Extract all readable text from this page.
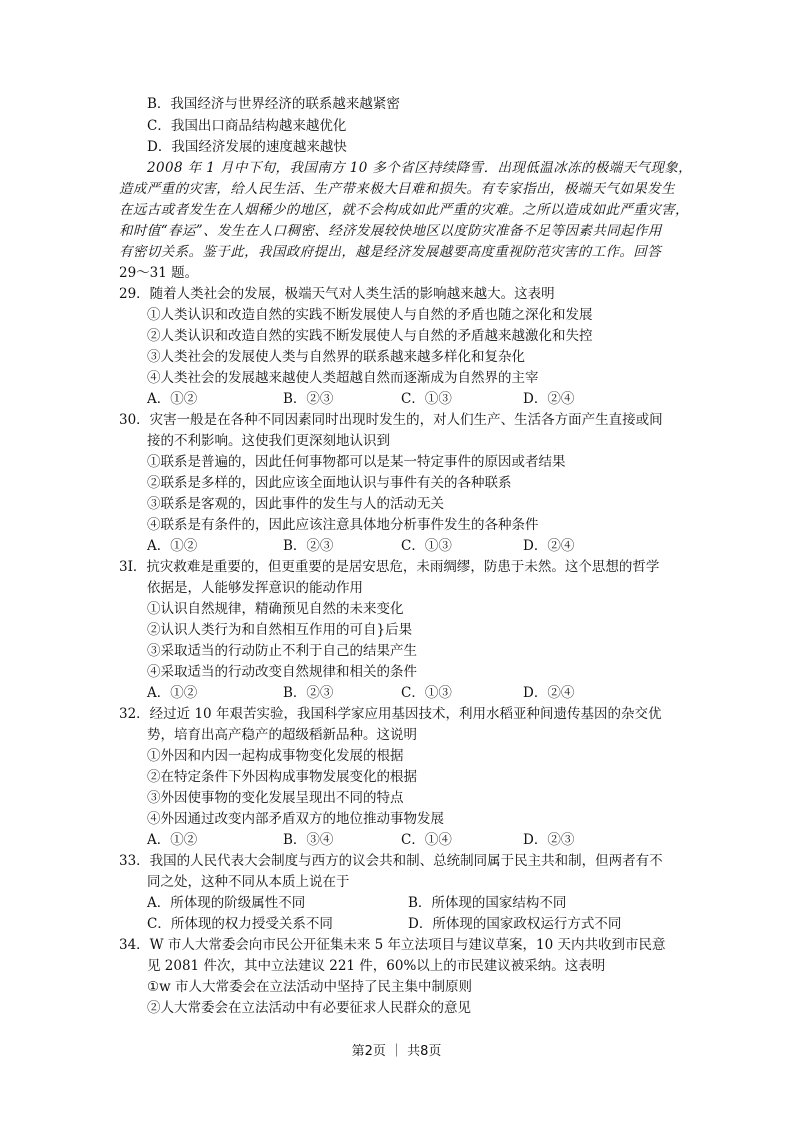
B．我国经济与世界经济的联系越来越紧密
C．我国出口商品结构越来越优化
D．我国经济发展的速度越来越快
2008 年 1 月中下旬，我国南方 10 多个省区持续降雪．出现低温冰冻的极端天气现象，
造成严重的灾害，给人民生活、生产带来极大目难和损失。有专家指出，极端天气如果发生
在远古或者发生在人烟稀少的地区，就不会构成如此严重的灾难。之所以造成如此严重灾害，
和时值“春运”、发生在人口稠密、经济发展较快地区以度防灾准备不足等因素共同起作用
有密切关系。鉴于此，我国政府提出，越是经济发展越要高度重视防范灾害的工作。回答
29～31 题。
29．随着人类社会的发展，极端天气对人类生活的影响越来越大。这表明
①人类认识和改造自然的实践不断发展使人与自然的矛盾也随之深化和发展
②人类认识和改造自然的实践不断发展使人与自然的矛盾越来越激化和失控
③人类社会的发展使人类与自然界的联系越来越多样化和复杂化
④人类社会的发展越来越使人类超越自然而逐渐成为自然界的主宰
A．①②	B．②③	C．①③	D．②④
30．灾害一般是在各种不同因素同时出现时发生的，对人们生产、生活各方面产生直接或间
接的不利影响。这使我们更深刻地认识到
①联系是普遍的，因此任何事物都可以是某一特定事件的原因或者结果
②联系是多样的，因此应该全面地认识与事件有关的各种联系
③联系是客观的，因此事件的发生与人的活动无关
④联系是有条件的，因此应该注意具体地分析事件发生的各种条件
A．①②	B．②③	C．①③	D．②④
3I．抗灾救难是重要的，但更重要的是居安思危，未雨绸缪，防患于未然。这个思想的哲学
依据是，人能够发挥意识的能动作用
①认识自然规律，精确预见自然的未来变化
②认识人类行为和自然相互作用的可自}后果
③采取适当的行动防止不利于自己的结果产生
④采取适当的行动改变自然规律和相关的条件
A．①②	B．②③	C．①③	D．②④
32．经过近 10 年艰苦实验，我国科学家应用基因技术，利用水稻亚种间遗传基因的杂交优
势，培育出高产稳产的超级稻新品种。这说明
①外因和内因一起构成事物变化发展的根据
②在特定条件下外因构成事物发展变化的根据
③外因使事物的变化发展呈现出不同的特点
④外因通过改变内部矛盾双方的地位推动事物发展
A．①②	B．③④	C．①④	D．②③
33．我国的人民代表大会制度与西方的议会共和制、总统制同属于民主共和制，但两者有不
同之处，这种不同从本质上说在于
A．所体现的阶级属性不同	B．所体现的国家结构不同
C．所体现的权力授受关系不同	D．所体现的国家政权运行方式不同
34．W 市人大常委会向市民公开征集未来 5 年立法项目与建议草案，10 天内共收到市民意
见 2081 件次，其中立法建议 221 件，60%以上的市民建议被采纳。这表明
①w 市人大常委会在立法活动中坚持了民主集中制原则
②人大常委会在立法活动中有必要征求人民群众的意见
第2页 ｜ 共8页
